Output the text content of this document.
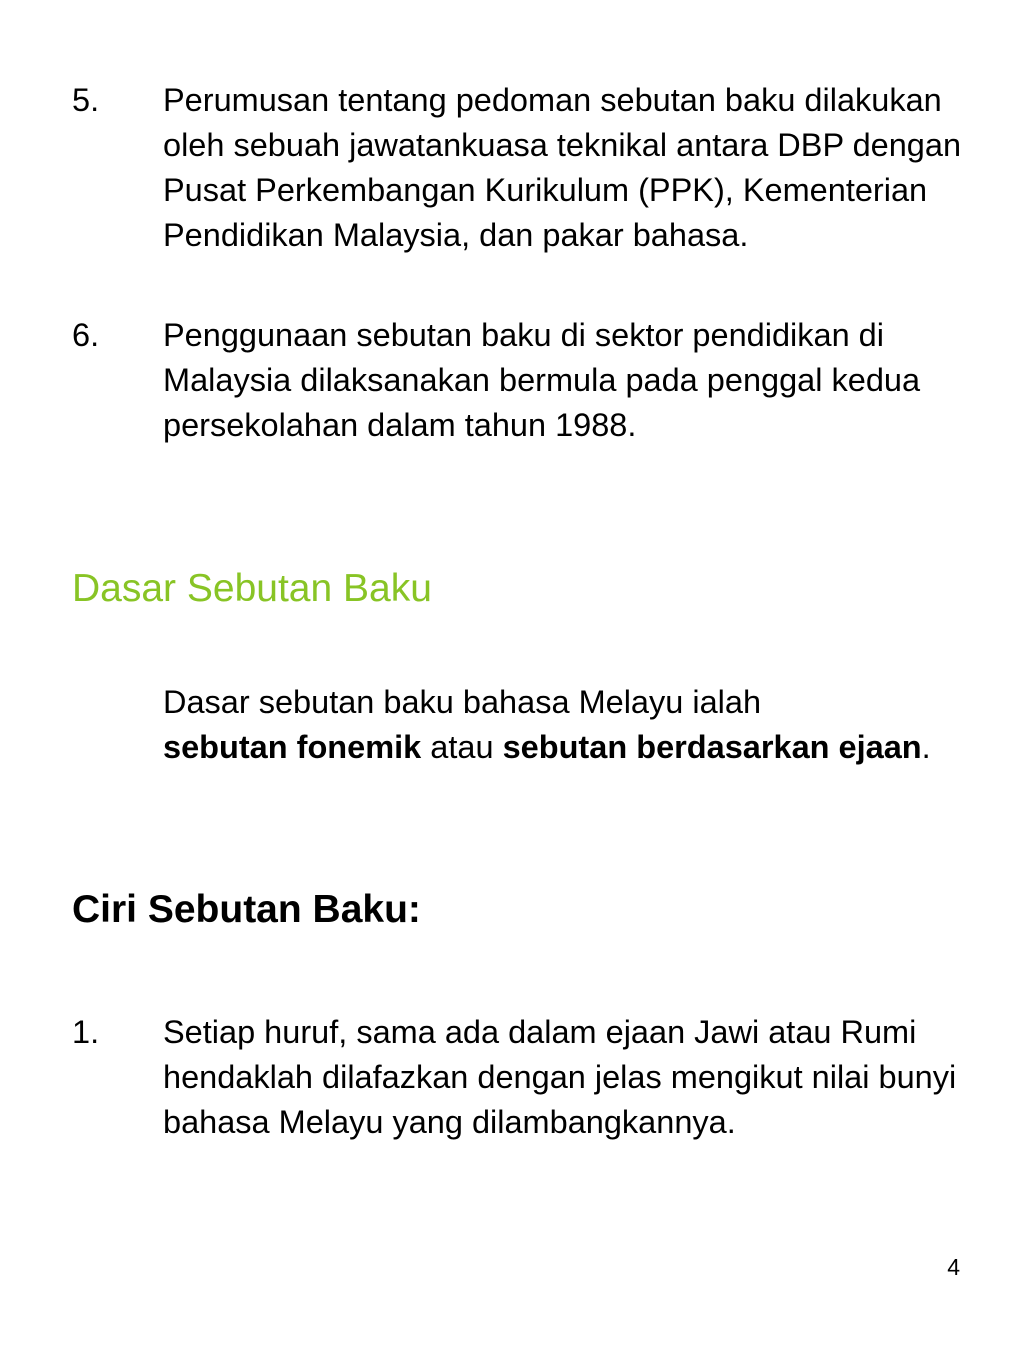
5.	Perumusan tentang pedoman sebutan baku dilakukan oleh sebuah jawatankuasa teknikal antara DBP dengan Pusat Perkembangan Kurikulum (PPK), Kementerian Pendidikan Malaysia, dan pakar bahasa.
6.	Penggunaan sebutan baku di sektor pendidikan di Malaysia dilaksanakan bermula pada penggal kedua persekolahan dalam tahun 1988.
Dasar Sebutan Baku
Dasar sebutan baku bahasa Melayu ialah
sebutan fonemik atau sebutan berdasarkan ejaan.
Ciri Sebutan Baku:
1.	Setiap huruf, sama ada dalam ejaan Jawi atau Rumi hendaklah dilafazkan dengan jelas mengikut nilai bunyi bahasa Melayu yang dilambangkannya.
4
